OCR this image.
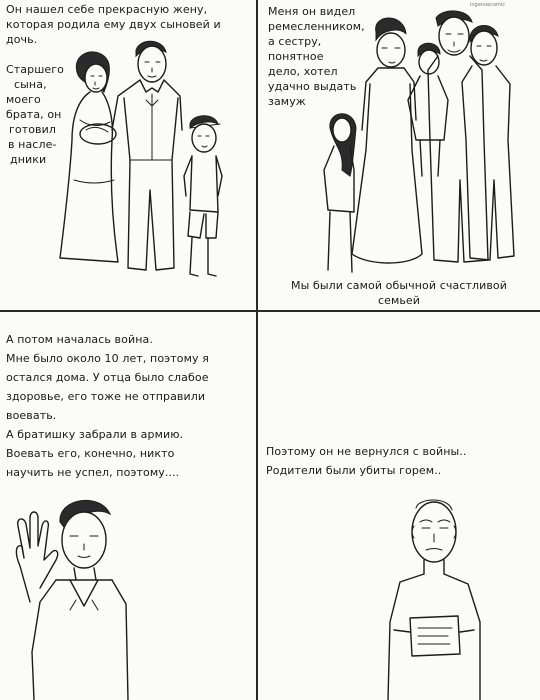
Он нашел себе прекрасную жену,
которая родила ему двух сыновей и
дочь.
Старшего
сына,
моего
брата, он
готовил
в насле-
дники
ingenuecomic
Меня он видел
ремесленником,
а сестру,
понятное
дело, хотел
удачно выдать
замуж
Мы были самой обычной счастливой
семьей
А потом началась война.
Мне было около 10 лет, поэтому я
остался дома. У отца было слабое
здоровье, его тоже не отправили
воевать.
А братишку забрали в армию.
Воевать его, конечно, никто
научить не успел, поэтому....
Поэтому он не вернулся с войны..
Родители были убиты горем..
